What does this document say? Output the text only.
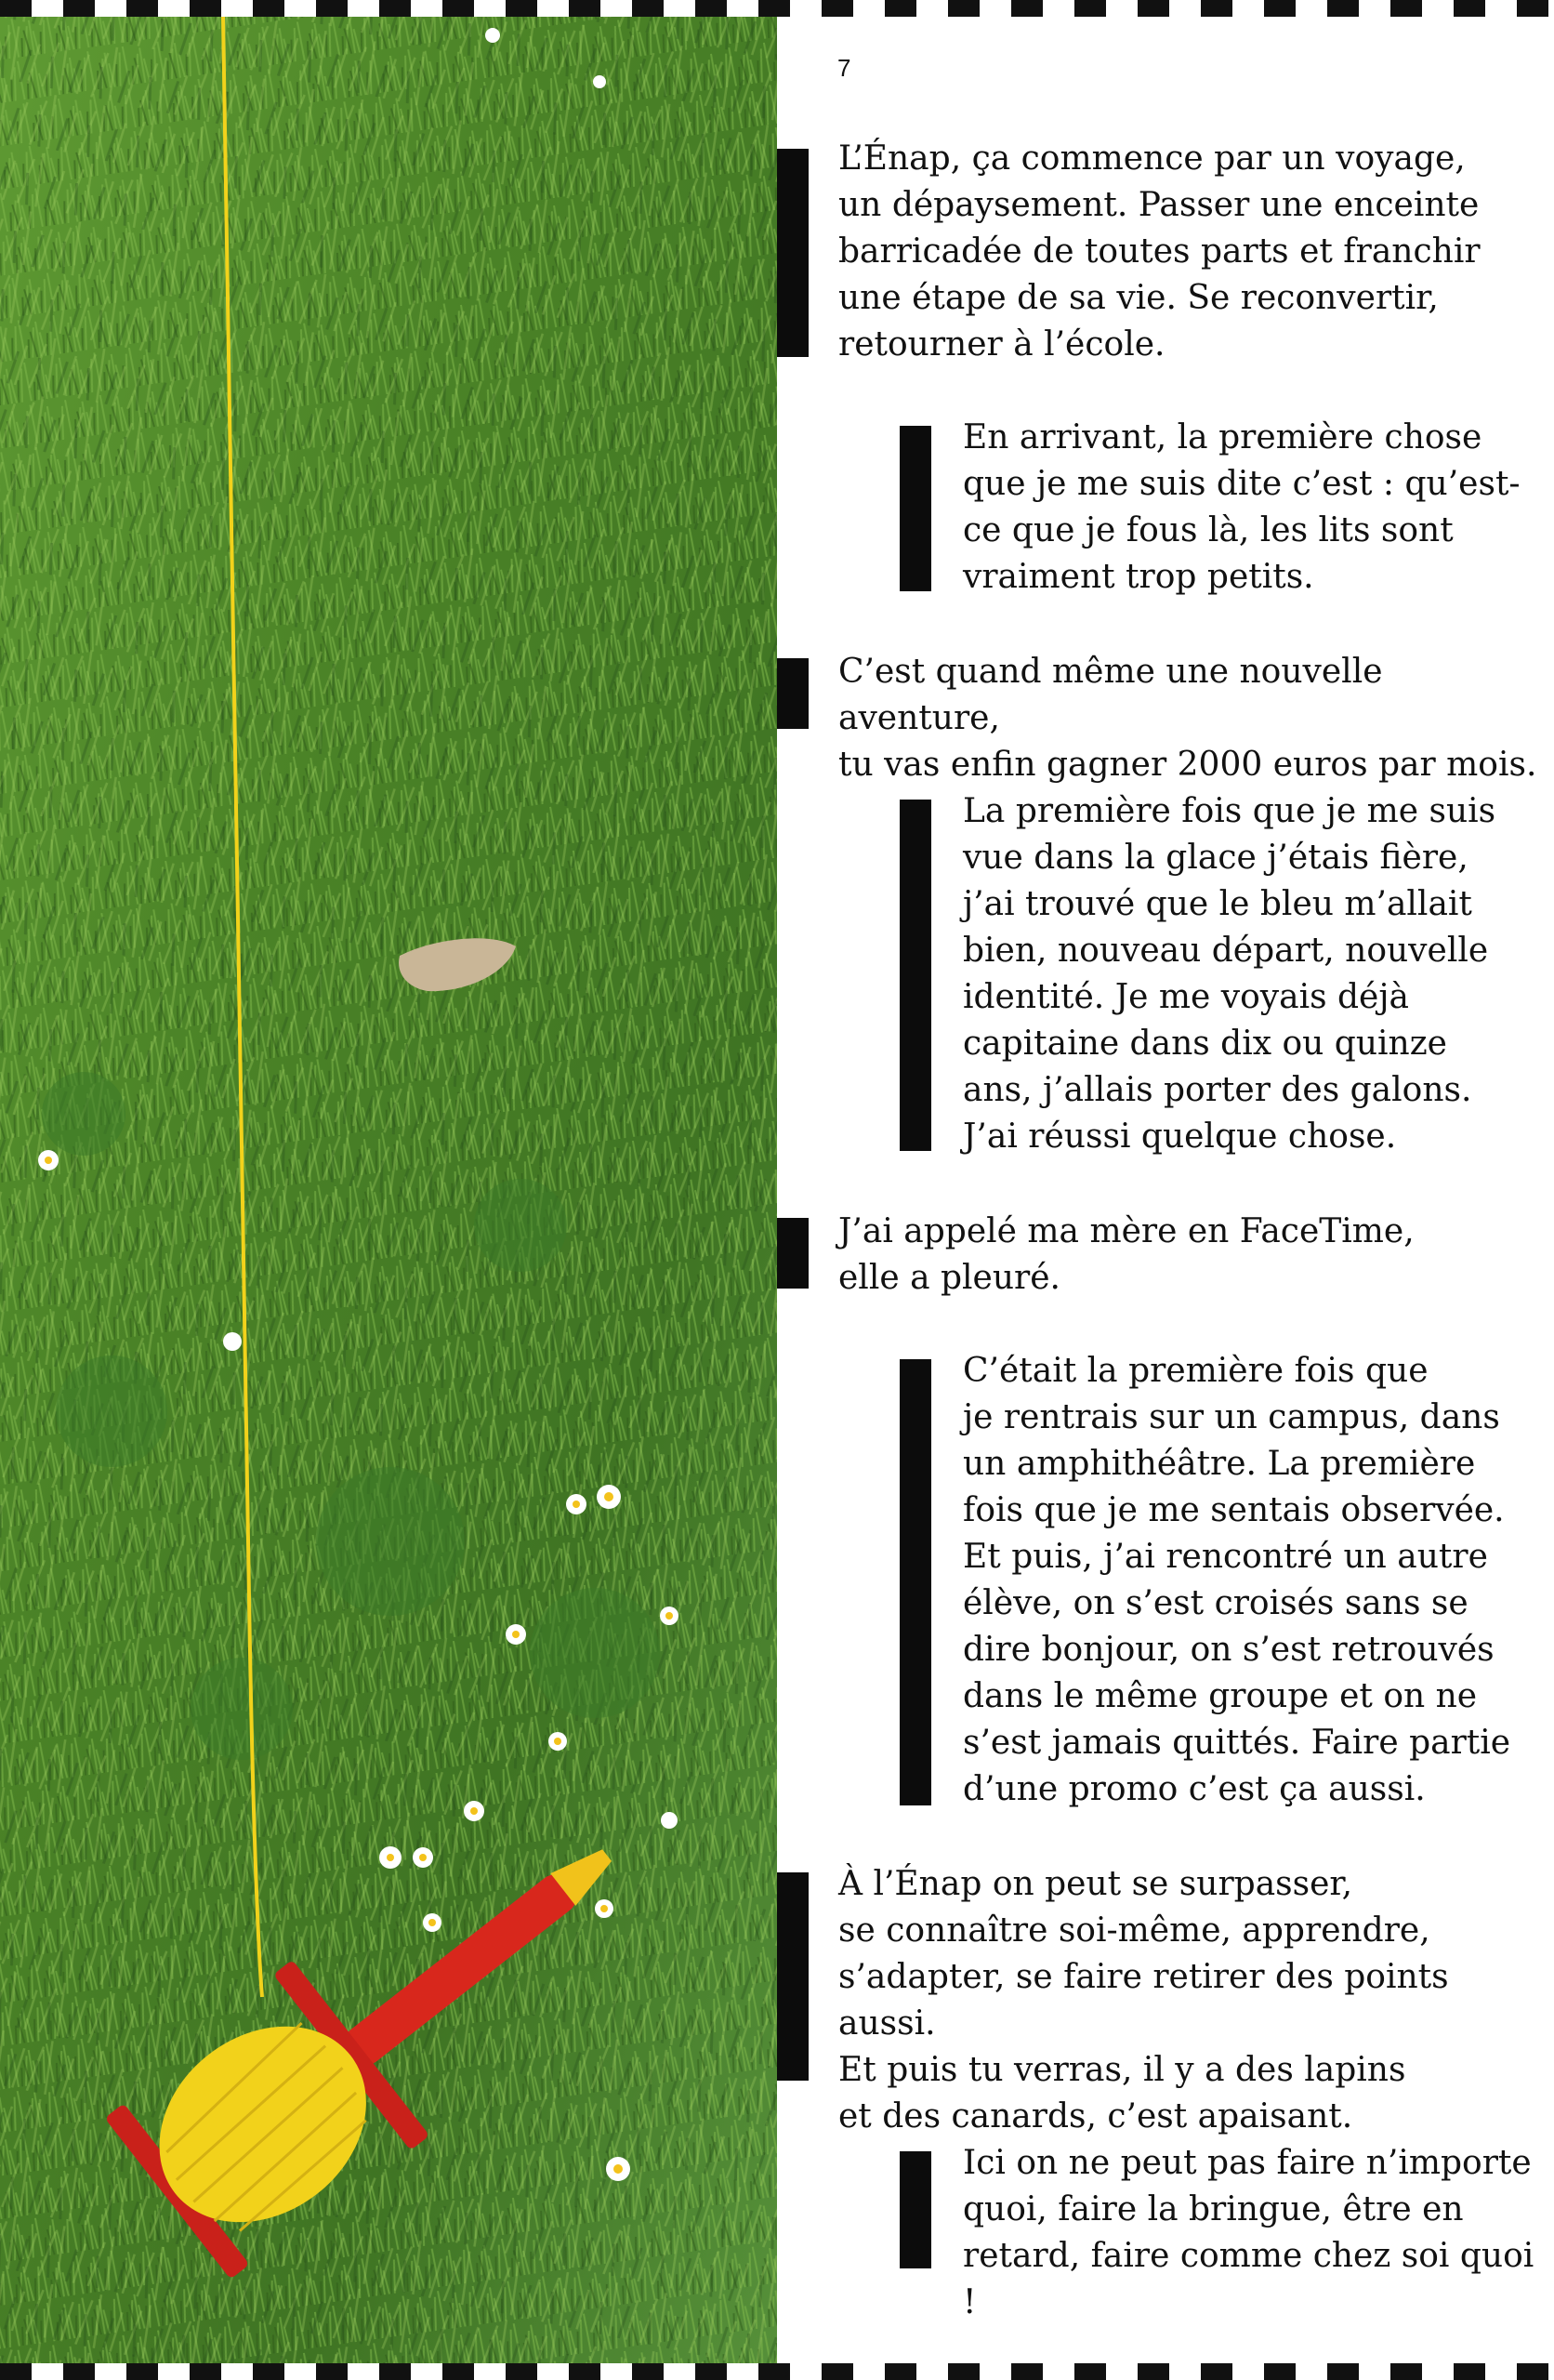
7

L’Énap, ça commence par un voyage,
un dépaysement. Passer une enceinte
barricadée de toutes parts et franchir
une étape de sa vie. Se reconvertir,
retourner à l’école.

En arrivant, la première chose
que je me suis dite c’est : qu’est-
ce que je fous là, les lits sont
vraiment trop petits.

C’est quand même une nouvelle aventure,
tu vas enfin gagner 2000 euros par mois.

La première fois que je me suis
vue dans la glace j’étais fière,
j’ai trouvé que le bleu m’allait
bien, nouveau départ, nouvelle
identité. Je me voyais déjà
capitaine dans dix ou quinze
ans, j’allais porter des galons.
J’ai réussi quelque chose.

J’ai appelé ma mère en FaceTime,
elle a pleuré.

C’était la première fois que
je rentrais sur un campus, dans
un amphithéâtre. La première
fois que je me sentais observée.
Et puis, j’ai rencontré un autre
élève, on s’est croisés sans se
dire bonjour, on s’est retrouvés
dans le même groupe et on ne
s’est jamais quittés. Faire partie
d’une promo c’est ça aussi.

À l’Énap on peut se surpasser,
se connaître soi-même, apprendre,
s’adapter, se faire retirer des points aussi.
Et puis tu verras, il y a des lapins
et des canards, c’est apaisant.

Ici on ne peut pas faire n’importe
quoi, faire la bringue, être en
retard, faire comme chez soi quoi !
